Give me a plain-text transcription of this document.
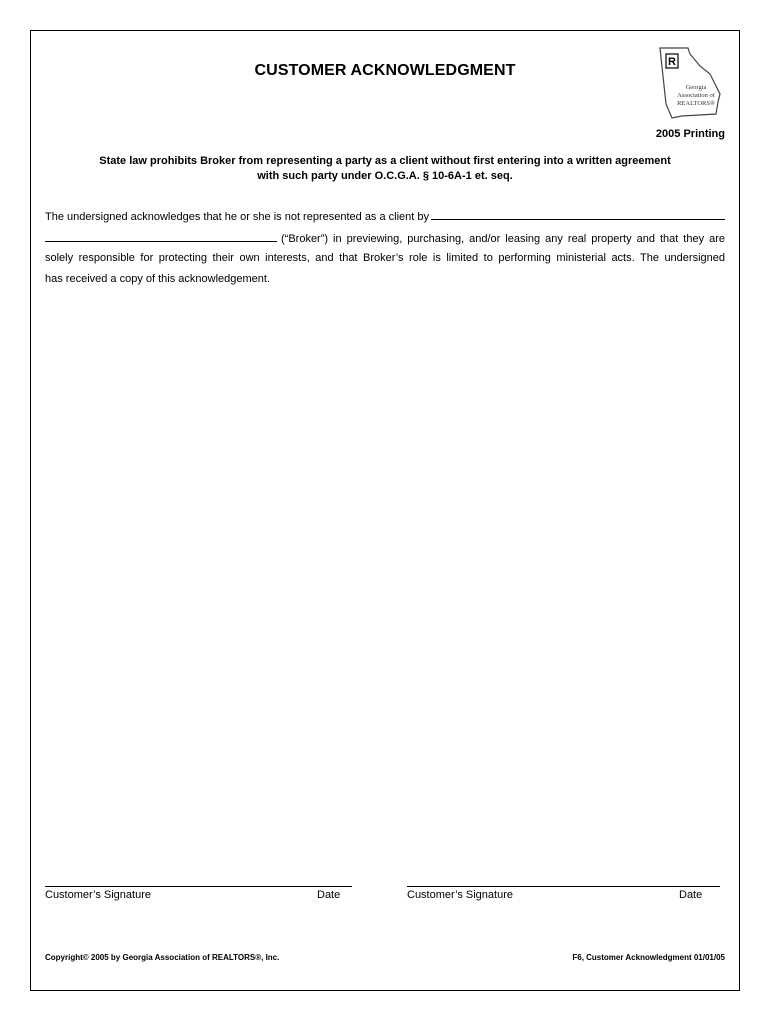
CUSTOMER ACKNOWLEDGMENT	R
Georgia
Association of
REALTORS®
2005 Printing
State law prohibits Broker from representing a party as a client without first entering into a written agreement
with such party under O.C.G.A. § 10-6A-1 et. seq.
The undersigned acknowledges that he or she is not represented as a client by
(“Broker”) in previewing, purchasing, and/or leasing any real property and that they are
solely responsible for protecting their own interests, and that Broker’s role is limited to performing ministerial acts. The undersigned
has received a copy of this acknowledgement.
Customer’s Signature	Date	Customer’s Signature	Date
Copyright© 2005 by Georgia Association of REALTORS®, Inc.	F6, Customer Acknowledgment 01/01/05
